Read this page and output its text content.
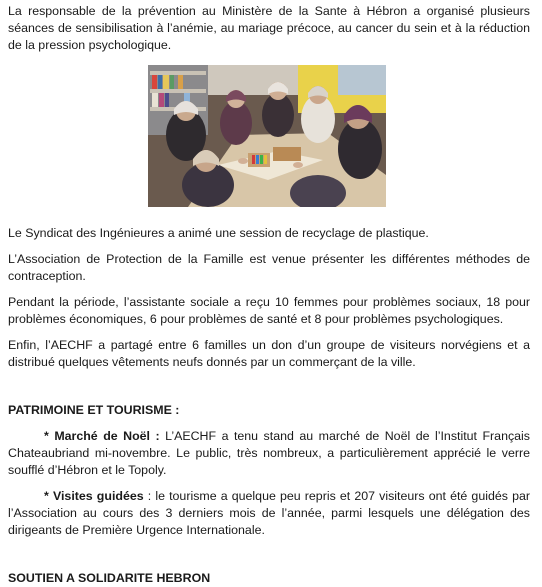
La responsable de la prévention au Ministère de la Sante à Hébron a organisé plusieurs séances de sensibilisation à l’anémie, au mariage précoce, au cancer du sein et à la réduction de la pression psychologique.

Le Syndicat des Ingénieures a animé une session de recyclage de plastique.

L’Association de Protection de la Famille est venue présenter les différentes méthodes de contraception.

Pendant la période, l’assistante sociale a reçu 10 femmes pour problèmes sociaux, 18 pour problèmes économiques, 6 pour problèmes de santé et 8 pour problèmes psychologiques.

Enfin, l’AECHF a partagé entre 6 familles un don d’un groupe de visiteurs norvégiens et a distribué quelques vêtements neufs donnés par un commerçant de la ville.

PATRIMOINE ET TOURISME :

* Marché de Noël : L’AECHF a tenu stand au marché de Noël de l’Institut Français Chateaubriand mi-novembre. Le public, très nombreux, a particulièrement apprécié le verre soufflé d’Hébron et le Topoly.

* Visites guidées : le tourisme a quelque peu repris et 207 visiteurs ont été guidés par l’Association au cours des 3 derniers mois de l’année, parmi lesquels une délégation des dirigeants de Première Urgence Internationale.

SOUTIEN A SOLIDARITE HEBRON
